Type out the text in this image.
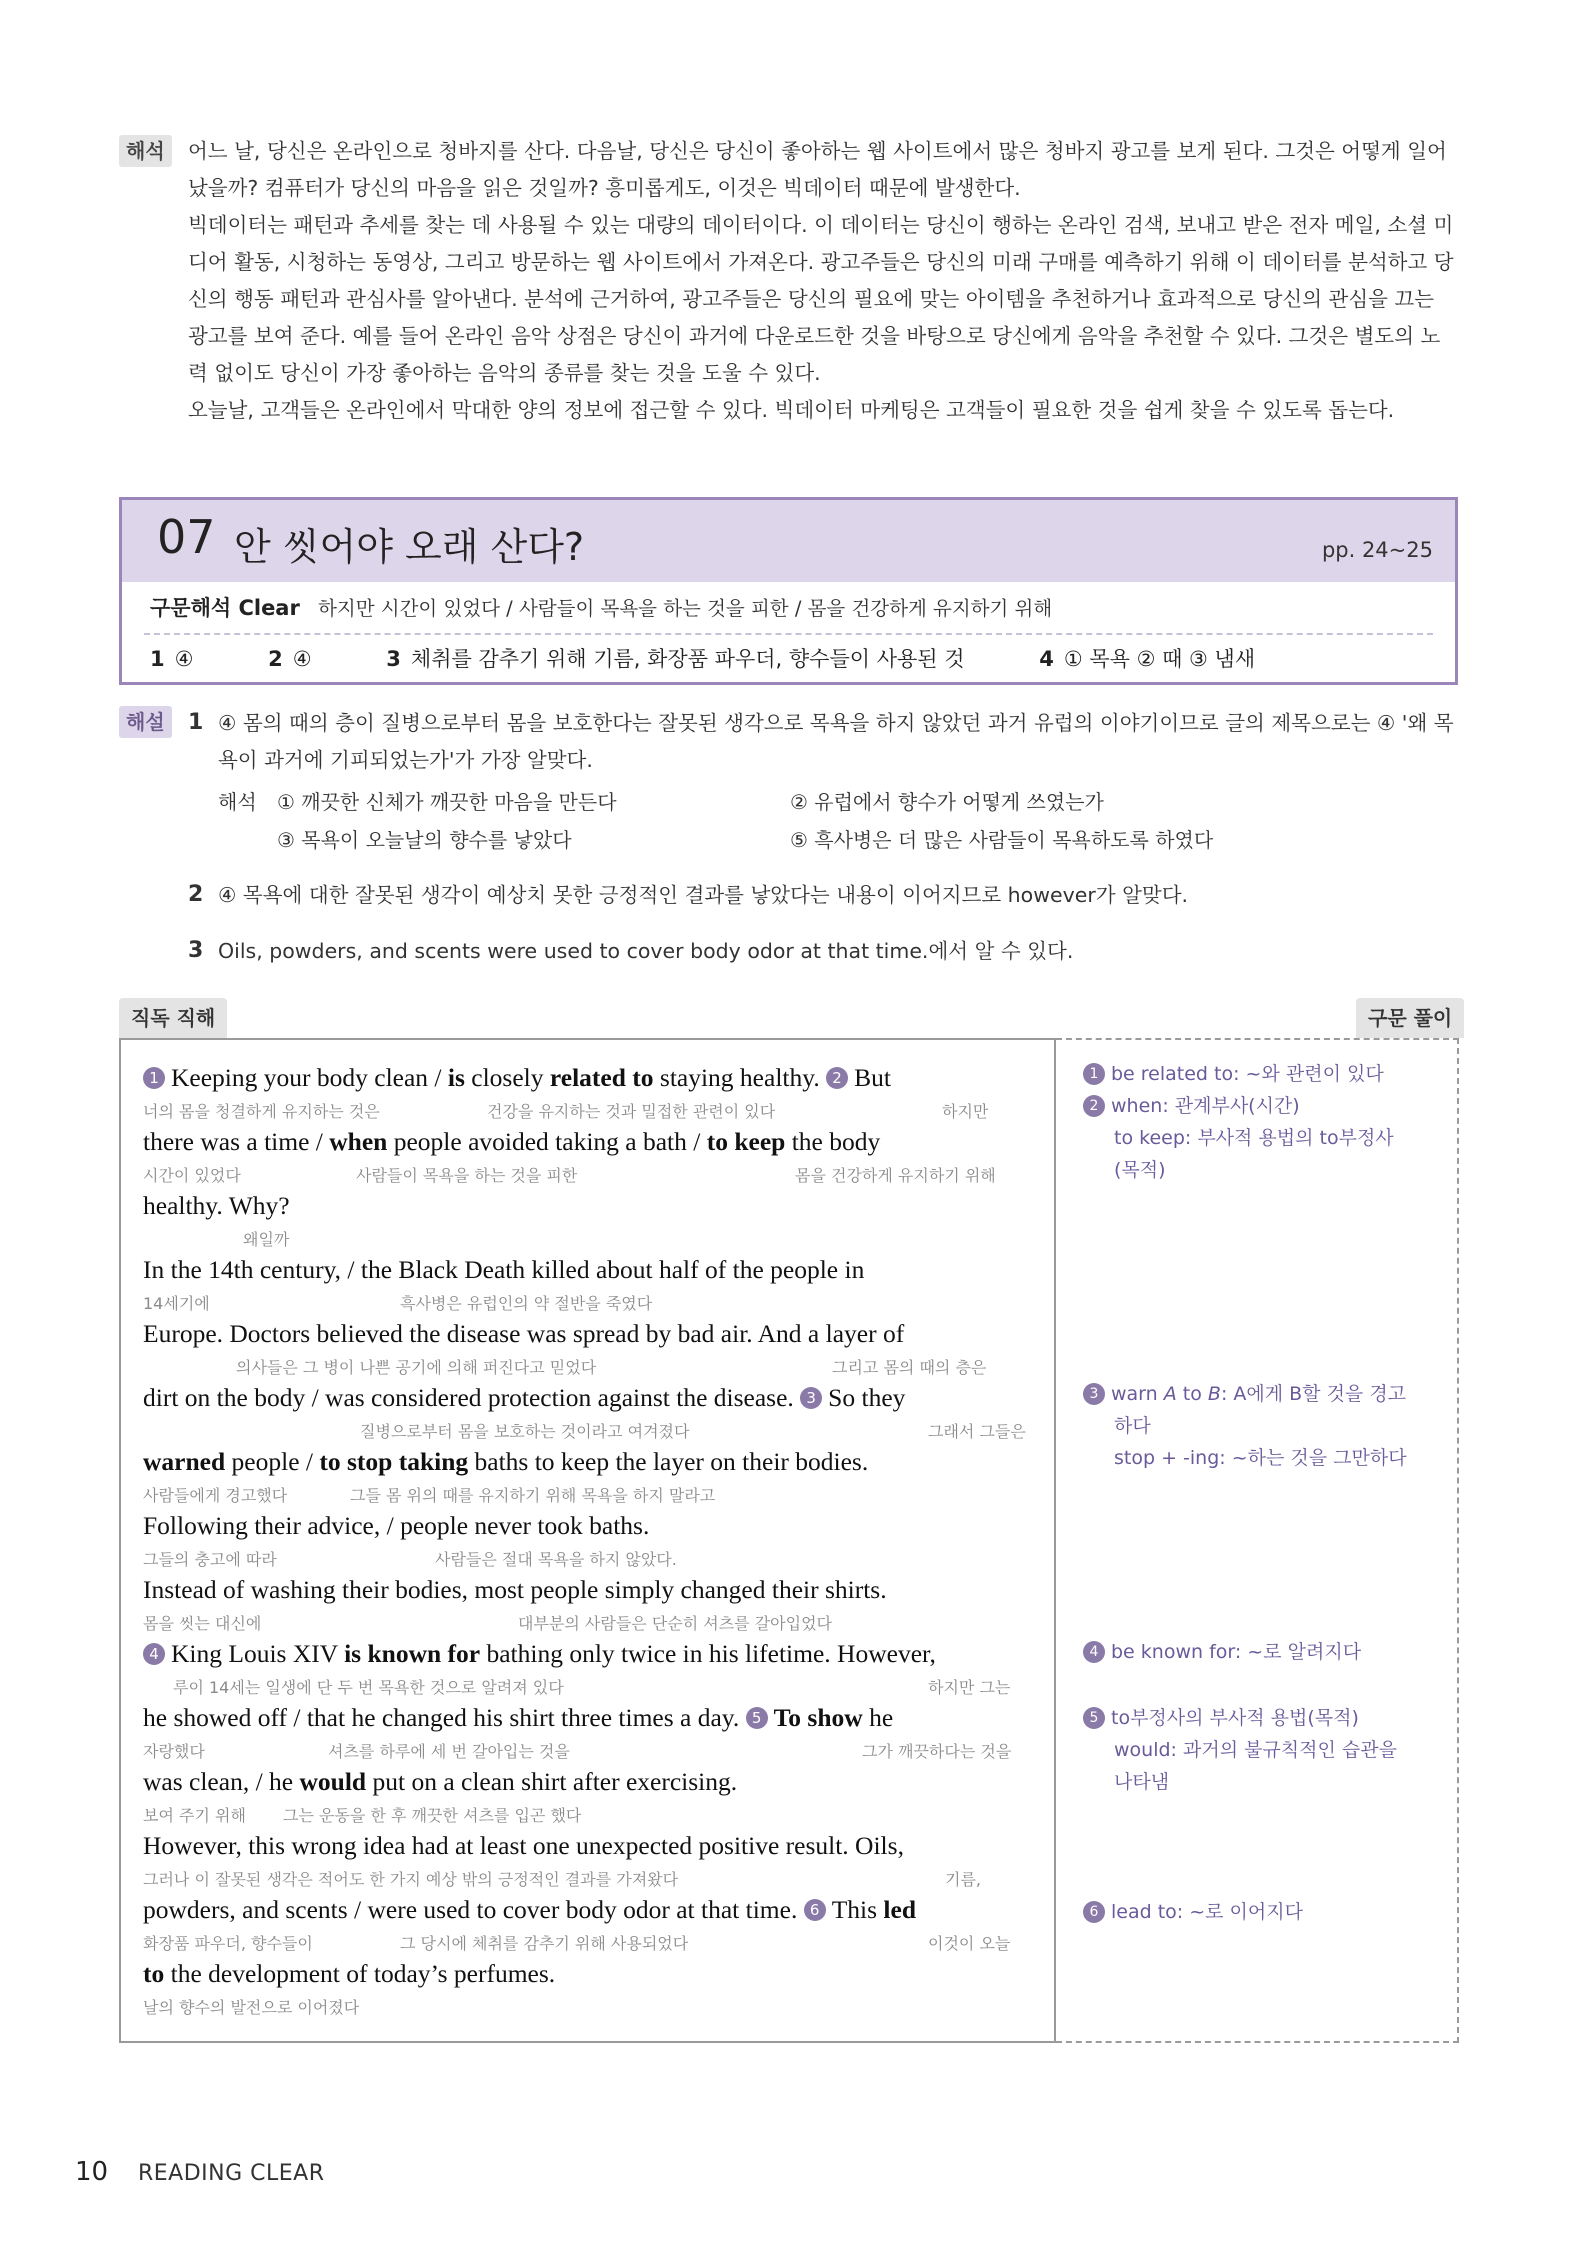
해석	어느 날, 당신은 온라인으로 청바지를 산다. 다음날, 당신은 당신이 좋아하는 웹 사이트에서 많은 청바지 광고를 보게 된다. 그것은 어떻게 일어

났을까? 컴퓨터가 당신의 마음을 읽은 것일까? 흥미롭게도, 이것은 빅데이터 때문에 발생한다.

빅데이터는 패턴과 추세를 찾는 데 사용될 수 있는 대량의 데이터이다. 이 데이터는 당신이 행하는 온라인 검색, 보내고 받은 전자 메일, 소셜 미

디어 활동, 시청하는 동영상, 그리고 방문하는 웹 사이트에서 가져온다. 광고주들은 당신의 미래 구매를 예측하기 위해 이 데이터를 분석하고 당

신의 행동 패턴과 관심사를 알아낸다. 분석에 근거하여, 광고주들은 당신의 필요에 맞는 아이템을 추천하거나 효과적으로 당신의 관심을 끄는

광고를 보여 준다. 예를 들어 온라인 음악 상점은 당신이 과거에 다운로드한 것을 바탕으로 당신에게 음악을 추천할 수 있다. 그것은 별도의 노

력 없이도 당신이 가장 좋아하는 음악의 종류를 찾는 것을 도울 수 있다.

오늘날, 고객들은 온라인에서 막대한 양의 정보에 접근할 수 있다. 빅데이터 마케팅은 고객들이 필요한 것을 쉽게 찾을 수 있도록 돕는다.

07 안 씻어야 오래 산다?	pp. 24~25
구문해석 Clear 하지만 시간이 있었다 / 사람들이 목욕을 하는 것을 피한 / 몸을 건강하게 유지하기 위해
1 ④	2 ④	3 체취를 감추기 위해 기름, 화장품 파우더, 향수들이 사용된 것	4 ① 목욕 ② 때 ③ 냄새
해설	1 ④ 몸의 때의 층이 질병으로부터 몸을 보호한다는 잘못된 생각으로 목욕을 하지 않았던 과거 유럽의 이야기이므로 글의 제목으로는 ④ '왜 목
욕이 과거에 기피되었는가'가 가장 알맞다.
해석 ① 깨끗한 신체가 깨끗한 마음을 만든다	② 유럽에서 향수가 어떻게 쓰였는가
③ 목욕이 오늘날의 향수를 낳았다	⑤ 흑사병은 더 많은 사람들이 목욕하도록 하였다
2 ④ 목욕에 대한 잘못된 생각이 예상치 못한 긍정적인 결과를 낳았다는 내용이 이어지므로 however가 알맞다.
3 Oils, powders, and scents were used to cover body odor at that time.에서 알 수 있다.
직독 직해	구문 풀이
1 Keeping your body clean / is closely related to staying healthy. 2 But
너의 몸을 청결하게 유지하는 것은	건강을 유지하는 것과 밀접한 관련이 있다	하지만
there was a time / when people avoided taking a bath / to keep the body
시간이 있었다	사람들이 목욕을 하는 것을 피한	몸을 건강하게 유지하기 위해
healthy. Why?
왜일까
In the 14th century, / the Black Death killed about half of the people in
14세기에	흑사병은 유럽인의 약 절반을 죽였다
Europe. Doctors believed the disease was spread by bad air. And a layer of
의사들은 그 병이 나쁜 공기에 의해 퍼진다고 믿었다	그리고 몸의 때의 층은
dirt on the body / was considered protection against the disease. 3 So they
질병으로부터 몸을 보호하는 것이라고 여겨졌다	그래서 그들은
warned people / to stop taking baths to keep the layer on their bodies.
사람들에게 경고했다	그들 몸 위의 때를 유지하기 위해 목욕을 하지 말라고
Following their advice, / people never took baths.
그들의 충고에 따라	사람들은 절대 목욕을 하지 않았다.
Instead of washing their bodies, most people simply changed their shirts.
몸을 씻는 대신에	대부분의 사람들은 단순히 셔츠를 갈아입었다
4 King Louis XIV is known for bathing only twice in his lifetime. However,
루이 14세는 일생에 단 두 번 목욕한 것으로 알려져 있다	하지만 그는
he showed off / that he changed his shirt three times a day. 5 To show he
자랑했다	셔츠를 하루에 세 번 갈아입는 것을	그가 깨끗하다는 것을
was clean, / he would put on a clean shirt after exercising.
보여 주기 위해 그는 운동을 한 후 깨끗한 셔츠를 입곤 했다
However, this wrong idea had at least one unexpected positive result. Oils,
그러나 이 잘못된 생각은 적어도 한 가지 예상 밖의 긍정적인 결과를 가져왔다	기름,
powders, and scents / were used to cover body odor at that time. 6 This led
화장품 파우더, 향수들이	그 당시에 체취를 감추기 위해 사용되었다	이것이 오늘
to the development of today’s perfumes.
날의 향수의 발전으로 이어졌다
1 be related to: ~와 관련이 있다
2 when: 관계부사(시간)
to keep: 부사적 용법의 to부정사
(목적)
3 warn A to B: A에게 B할 것을 경고
하다
stop + -ing: ~하는 것을 그만하다
4 be known for: ~로 알려지다
5 to부정사의 부사적 용법(목적)
would: 과거의 불규칙적인 습관을
나타냄
6 lead to: ~로 이어지다
10 READING CLEAR
